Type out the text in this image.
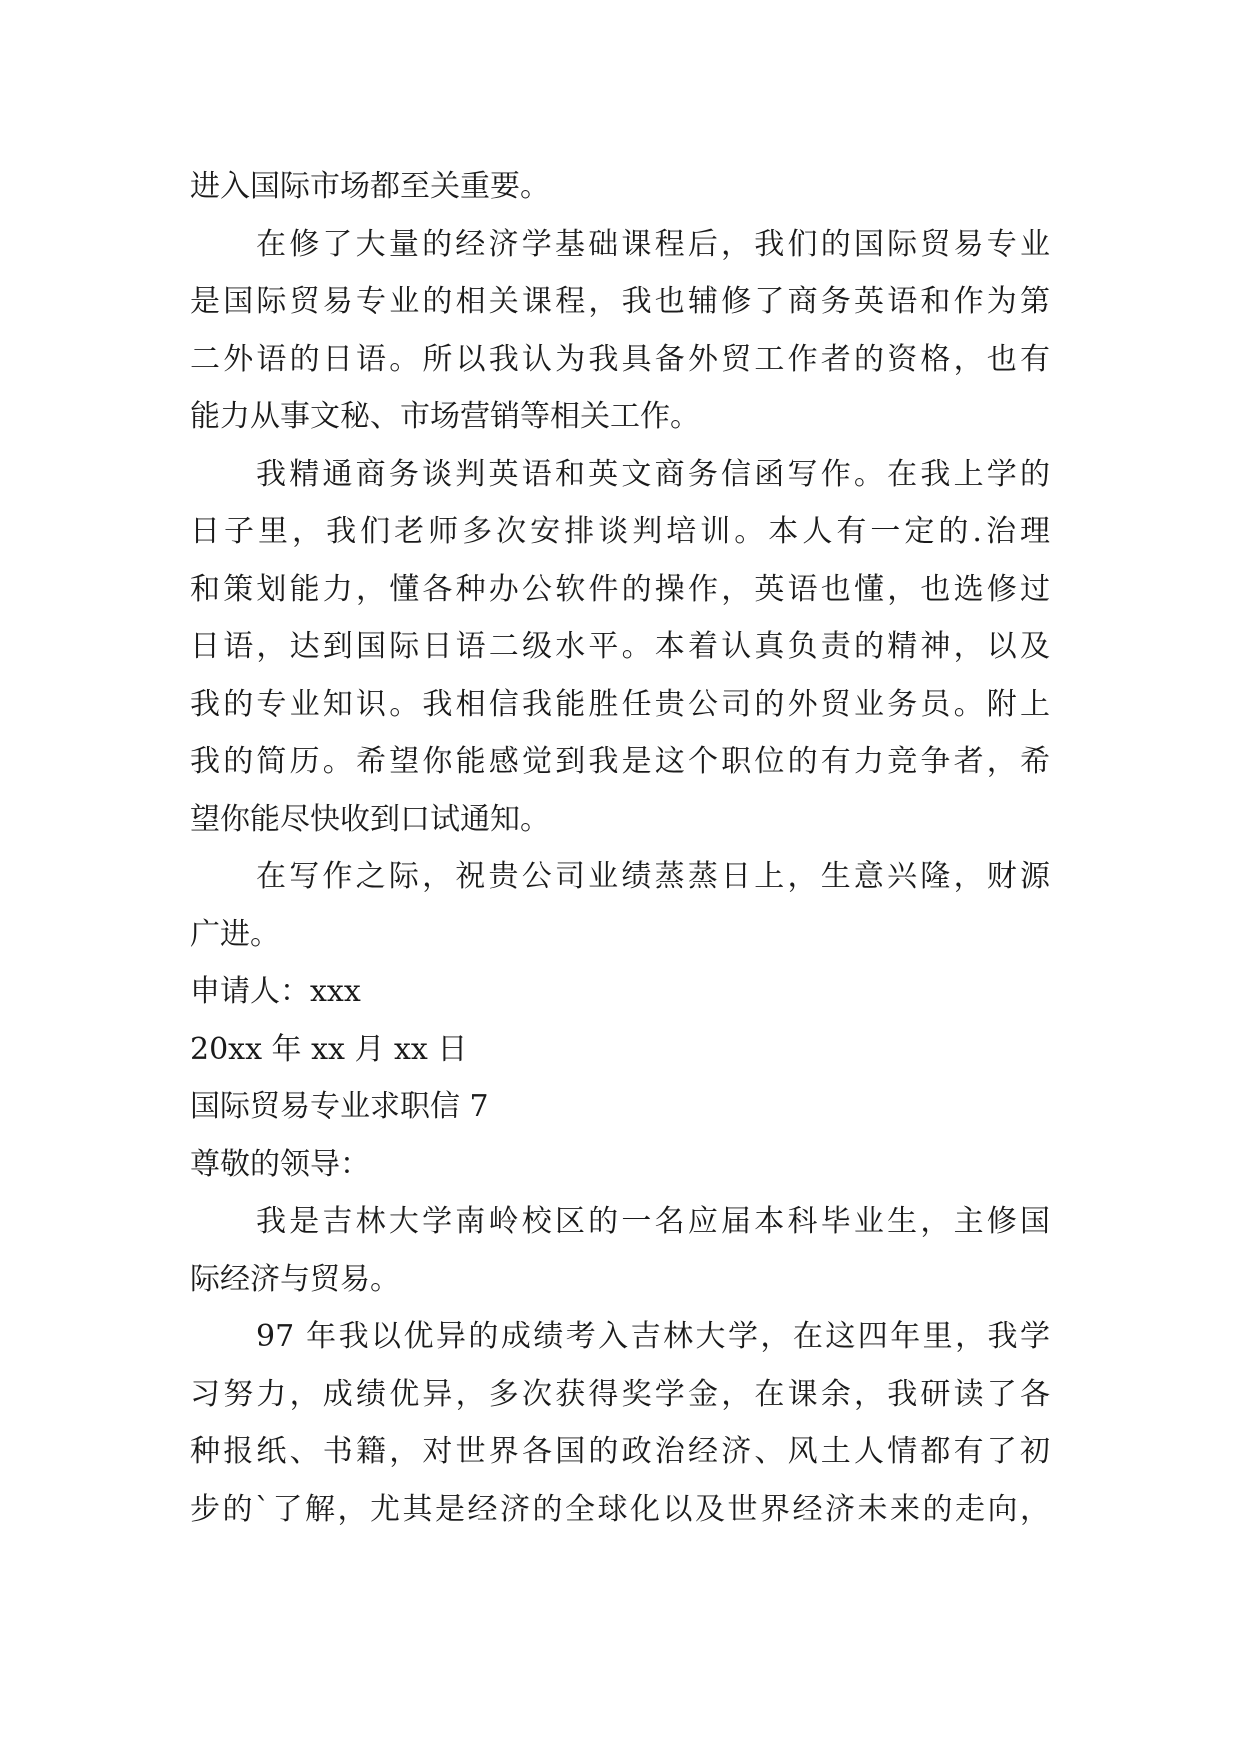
进入国际市场都至关重要。
在修了大量的经济学基础课程后，我们的国际贸易专业
是国际贸易专业的相关课程，我也辅修了商务英语和作为第
二外语的日语。所以我认为我具备外贸工作者的资格，也有
能力从事文秘、市场营销等相关工作。
我精通商务谈判英语和英文商务信函写作。在我上学的
日子里，我们老师多次安排谈判培训。本人有一定的.治理
和策划能力，懂各种办公软件的操作，英语也懂，也选修过
日语，达到国际日语二级水平。本着认真负责的精神，以及
我的专业知识。我相信我能胜任贵公司的外贸业务员。附上
我的简历。希望你能感觉到我是这个职位的有力竞争者，希
望你能尽快收到口试通知。
在写作之际，祝贵公司业绩蒸蒸日上，生意兴隆，财源
广进。
申请人：xxx
20xx 年 xx 月 xx 日
国际贸易专业求职信 7
尊敬的领导：
我是吉林大学南岭校区的一名应届本科毕业生，主修国
际经济与贸易。
97 年我以优异的成绩考入吉林大学，在这四年里，我学
习努力，成绩优异，多次获得奖学金，在课余，我研读了各
种报纸、书籍，对世界各国的政治经济、风土人情都有了初
步的`了解，尤其是经济的全球化以及世界经济未来的走向，
